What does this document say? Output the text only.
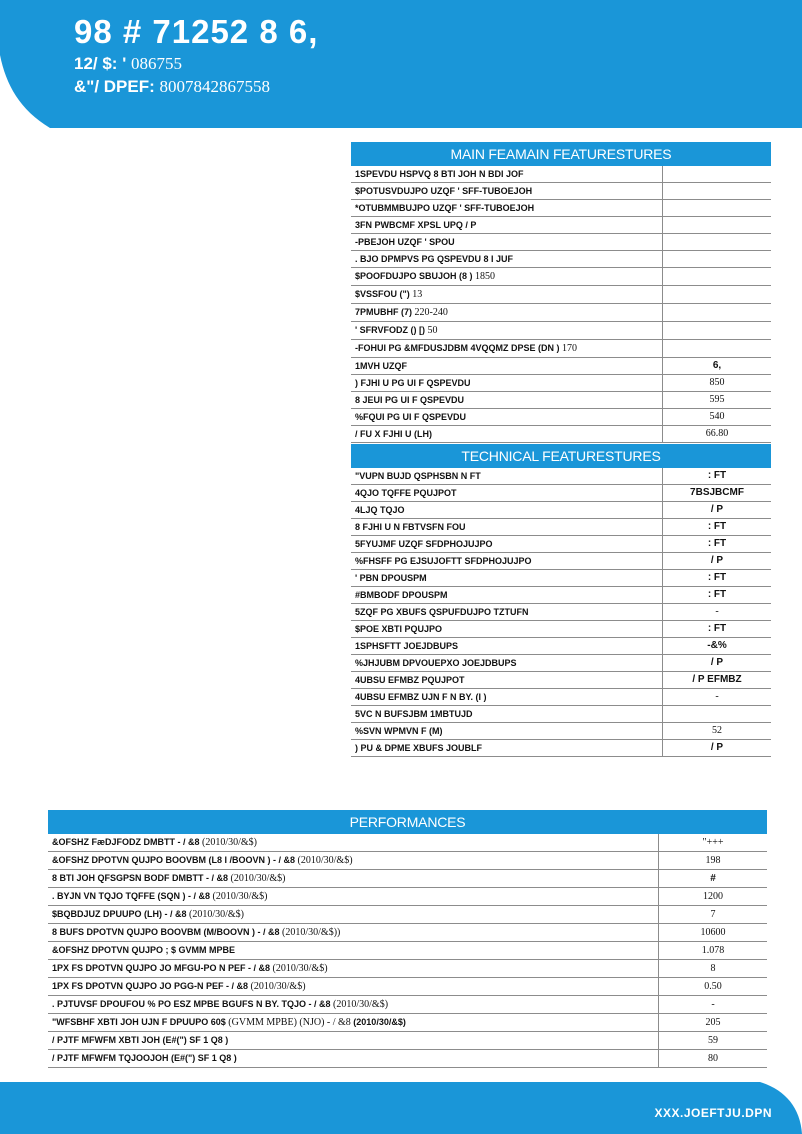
98 # 71252 8 6,
12/ $: ' 086755
&"/ DPEF: 8007842867558
MAIN FEAMAIN FEATURESTURES
1SPEVDU HSPVQ 8 BTI JOH N BDI JOF	
$POTUSVDUJPO UZQF ' SFF-TUBOEJOH	
*OTUBMMBUJPO UZQF ' SFF-TUBOEJOH	
3FN PWBCMF XPSL UPQ / P	
-PBEJOH UZQF ' SPOU	
. BJO DPMPVS PG QSPEVDU 8 I JUF	
$POOFDUJPO SBUJOH (8 ) 1850	
$VSSFOU (") 13	
7PMUBHF (7) 220-240	
' SFRVFODZ () [) 50	
-FOHUI PG &MFDUSJDBM 4VQQMZ DPSE (DN ) 170	
1MVH UZQF	6,
) FJHI U PG UI F QSPEVDU	850
8 JEUI PG UI F QSPEVDU	595
%FQUI PG UI F QSPEVDU	540
/ FU X FJHI U (LH)	66.80
TECHNICAL FEATURESTURES
"VUPN BUJD QSPHSBN N FT	: FT
4QJO TQFFE PQUJPOT	7BSJBCMF
4LJQ TQJO	/ P
8 FJHI U N FBTVSFN FOU	: FT
5FYUJMF UZQF SFDPHOJUJPO	: FT
%FHSFF PG EJSUJOFTT SFDPHOJUJPO	/ P
' PBN DPOUSPM	: FT
#BMBODF DPOUSPM	: FT
5ZQF PG XBUFS QSPUFDUJPO TZTUFN	-
$POE XBTI PQUJPO	: FT
1SPHSFTT JOEJDBUPS	-&%
%JHJUBM DPVOUEPXO JOEJDBUPS	/ P
4UBSU EFMBZ PQUJPOT	/ P EFMBZ
4UBSU EFMBZ UJN F N BY. (I )	-
5VC N BUFSJBM 1MBTUJD	
%SVN WPMVN F (M)	52
) PU & DPME XBUFS JOUBLF	/ P
PERFORMANCES
&OFSHZ FæDJFODZ DMBTT - / &8 (2010/30/&$)	"+++
&OFSHZ DPOTVN QUJPO BOOVBM (L8 I /BOOVN ) - / &8 (2010/30/&$)	198
8 BTI JOH QFSGPSN BODF DMBTT - / &8 (2010/30/&$)	#
. BYJN VN TQJO TQFFE (SQN ) - / &8 (2010/30/&$)	1200
$BQBDJUZ DPUUPO (LH) - / &8 (2010/30/&$)	7
8 BUFS DPOTVN QUJPO BOOVBM (M/BOOVN ) - / &8 (2010/30/&$))	10600
&OFSHZ DPOTVN QUJPO ; $ GVMM MPBE	1.078
1PX FS DPOTVN QUJPO JO MFGU-PO N PEF - / &8 (2010/30/&$)	8
1PX FS DPOTVN QUJPO JO PGG-N PEF - / &8 (2010/30/&$)	0.50
. PJTUVSF DPOUFOU % PO ESZ MPBE BGUFS N BY. TQJO - / &8 (2010/30/&$)	-
"WFSBHF XBTI JOH UJN F DPUUPO 60$ (GVMM MPBE) (NJO) - / &8 (2010/30/&$)	205
/ PJTF MFWFM XBTI JOH (E#(") SF 1 Q8 )	59
/ PJTF MFWFM TQJOOJOH (E#(") SF 1 Q8 )	80
XXX.JOEFTJU.DPN
